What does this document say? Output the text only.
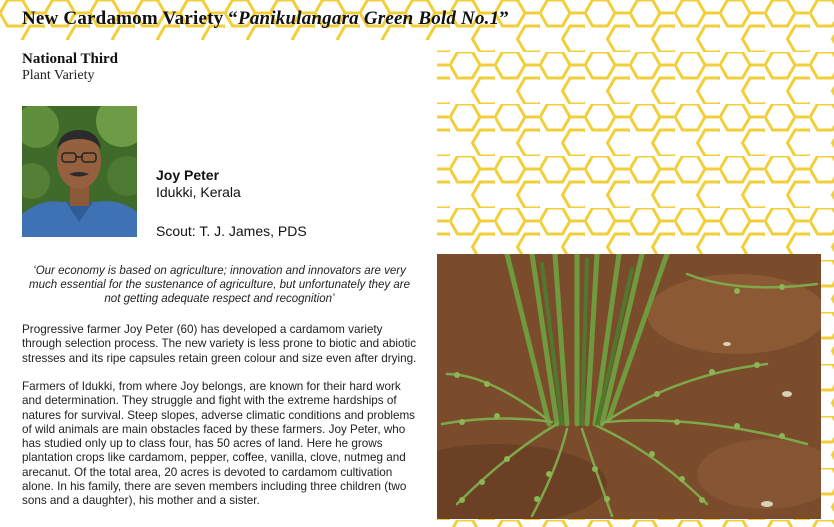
New Cardamom Variety “Panikulangara Green Bold No.1”
National Third
Plant Variety
Joy Peter
Idukki, Kerala
Scout: T. J. James, PDS

‘Our economy is based on agriculture; innovation and innovators are very much essential for the sustenance of agriculture, but unfortunately they are not getting adequate respect and recognition’

Progressive farmer Joy Peter (60) has developed a cardamom variety through selection process. The new variety is less prone to biotic and abiotic stresses and its ripe capsules retain green colour and size even after drying.

Farmers of Idukki, from where Joy belongs, are known for their hard work and determination. They struggle and fight with the extreme hardships of natures for survival. Steep slopes, adverse climatic conditions and problems of wild animals are main obstacles faced by these farmers. Joy Peter, who has studied only up to class four, has 50 acres of land. Here he grows plantation crops like cardamom, pepper, coffee, vanilla, clove, nutmeg and arecanut. Of the total area, 20 acres is devoted to cardamom cultivation alone. In his family, there are seven members including three children (two sons and a daughter), his mother and a sister.
